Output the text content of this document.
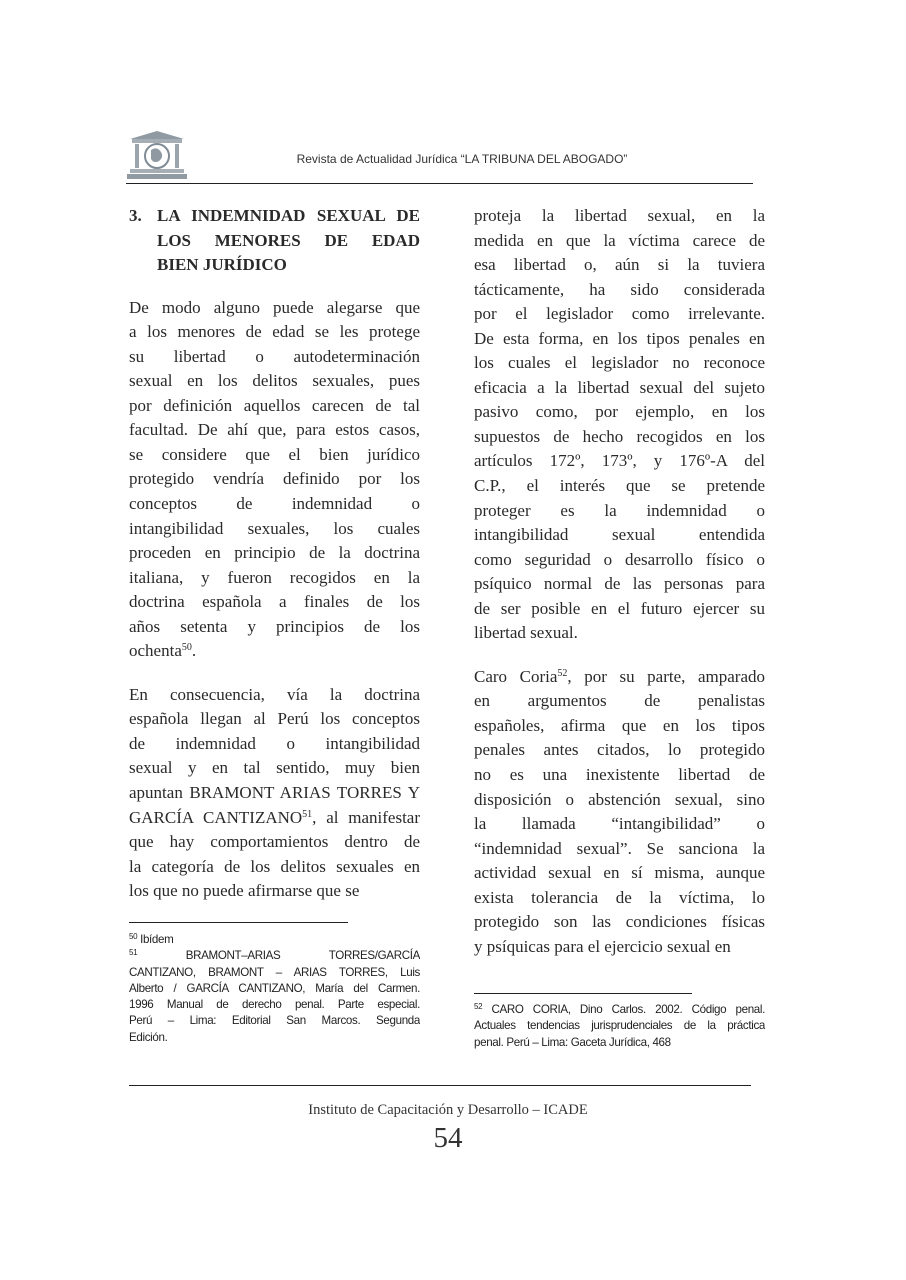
Revista de Actualidad Jurídica “LA TRIBUNA DEL ABOGADO”
3. LA INDEMNIDAD SEXUAL DE
LOS MENORES DE EDAD
BIEN JURÍDICO
De modo alguno puede alegarse que
a los menores de edad se les protege
su libertad o autodeterminación
sexual en los delitos sexuales, pues
por definición aquellos carecen de tal
facultad. De ahí que, para estos casos,
se considere que el bien jurídico
protegido vendría definido por los
conceptos de indemnidad o
intangibilidad sexuales, los cuales
proceden en principio de la doctrina
italiana, y fueron recogidos en la
doctrina española a finales de los
años setenta y principios de los
ochenta$^{50}$.
En consecuencia, vía la doctrina
española llegan al Perú los conceptos
de indemnidad o intangibilidad
sexual y en tal sentido, muy bien
apuntan BRAMONT ARIAS TORRES Y
GARCÍA CANTIZANO$^{51}$, al manifestar
que hay comportamientos dentro de
la categoría de los delitos sexuales en
los que no puede afirmarse que se
$^{50}$ Ibídem
$^{51}$ BRAMONT–ARIAS TORRES/GARCÍA
CANTIZANO, BRAMONT – ARIAS TORRES, Luis
Alberto / GARCÍA CANTIZANO, María del Carmen.
1996 Manual de derecho penal. Parte especial.
Perú – Lima: Editorial San Marcos. Segunda
Edición.
proteja la libertad sexual, en la
medida en que la víctima carece de
esa libertad o, aún si la tuviera
tácticamente, ha sido considerada
por el legislador como irrelevante.
De esta forma, en los tipos penales en
los cuales el legislador no reconoce
eficacia a la libertad sexual del sujeto
pasivo como, por ejemplo, en los
supuestos de hecho recogidos en los
artículos 172º, 173º, y 176º-A del
C.P., el interés que se pretende
proteger es la indemnidad o
intangibilidad sexual entendida
como seguridad o desarrollo físico o
psíquico normal de las personas para
de ser posible en el futuro ejercer su
libertad sexual.
Caro Coria$^{52}$, por su parte, amparado
en argumentos de penalistas
españoles, afirma que en los tipos
penales antes citados, lo protegido
no es una inexistente libertad de
disposición o abstención sexual, sino
la llamada “intangibilidad” o
“indemnidad sexual”. Se sanciona la
actividad sexual en sí misma, aunque
exista tolerancia de la víctima, lo
protegido son las condiciones físicas
y psíquicas para el ejercicio sexual en
$^{52}$ CARO CORIA, Dino Carlos. 2002. Código penal.
Actuales tendencias jurisprudenciales de la práctica
penal. Perú – Lima: Gaceta Jurídica, 468
Instituto de Capacitación y Desarrollo – ICADE
54
